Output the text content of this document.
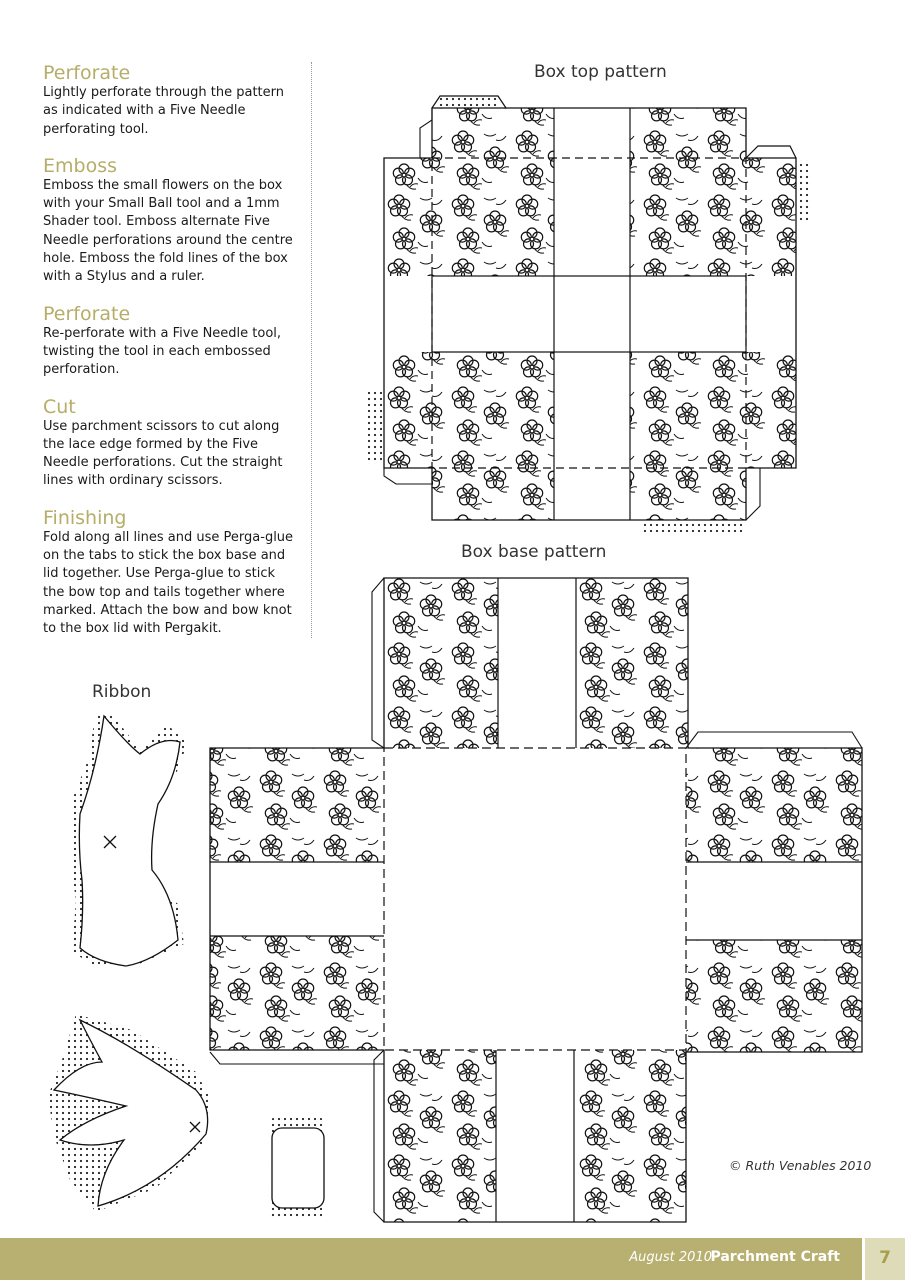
Perforate

Lightly perforate through the pattern as indicated with a Five Needle perforating tool.

Emboss

Emboss the small flowers on the box with your Small Ball tool and a 1mm Shader tool. Emboss alternate Five Needle perforations around the centre hole. Emboss the fold lines of the box with a Stylus and a ruler.

Perforate

Re-perforate with a Five Needle tool, twisting the tool in each embossed perforation.

Cut

Use parchment scissors to cut along the lace edge formed by the Five Needle perforations. Cut the straight lines with ordinary scissors.

Finishing

Fold along all lines and use Perga-glue on the tabs to stick the box base and lid together. Use Perga-glue to stick the bow top and tails together where marked. Attach the bow and bow knot to the box lid with Pergakit.

Box top pattern
Box base pattern
Ribbon
© Ruth Venables 2010
August 2010
Parchment Craft	7
